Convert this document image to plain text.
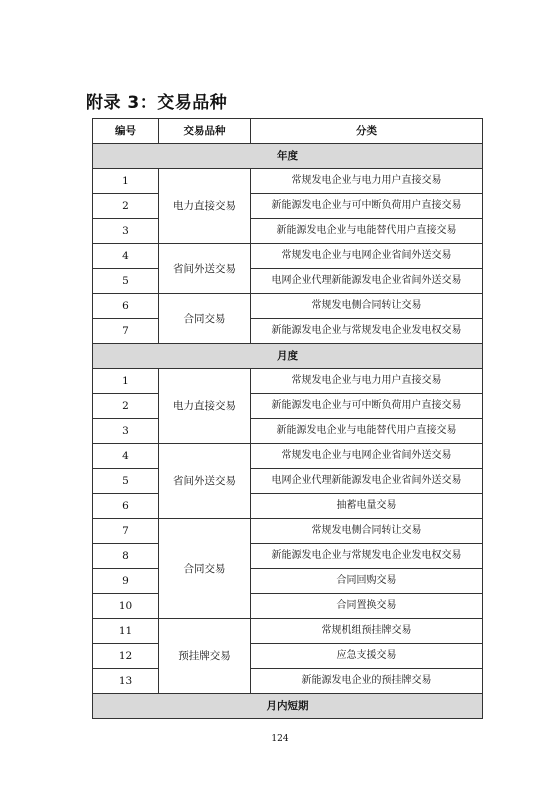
附录 3：交易品种
编号	交易品种	分类
年度		
1	电力直接交易	常规发电企业与电力用户直接交易
2		新能源发电企业与可中断负荷用户直接交易
3		新能源发电企业与电能替代用户直接交易
4	省间外送交易	常规发电企业与电网企业省间外送交易
5		电网企业代理新能源发电企业省间外送交易
6	合同交易	常规发电侧合同转让交易
7		新能源发电企业与常规发电企业发电权交易
月度		
1	电力直接交易	常规发电企业与电力用户直接交易
2		新能源发电企业与可中断负荷用户直接交易
3		新能源发电企业与电能替代用户直接交易
4	省间外送交易	常规发电企业与电网企业省间外送交易
5		电网企业代理新能源发电企业省间外送交易
6		抽蓄电量交易
7	合同交易	常规发电侧合同转让交易
8		新能源发电企业与常规发电企业发电权交易
9		合同回购交易
10		合同置换交易
11	预挂牌交易	常规机组预挂牌交易
12		应急支援交易
13		新能源发电企业的预挂牌交易
月内短期		
124
